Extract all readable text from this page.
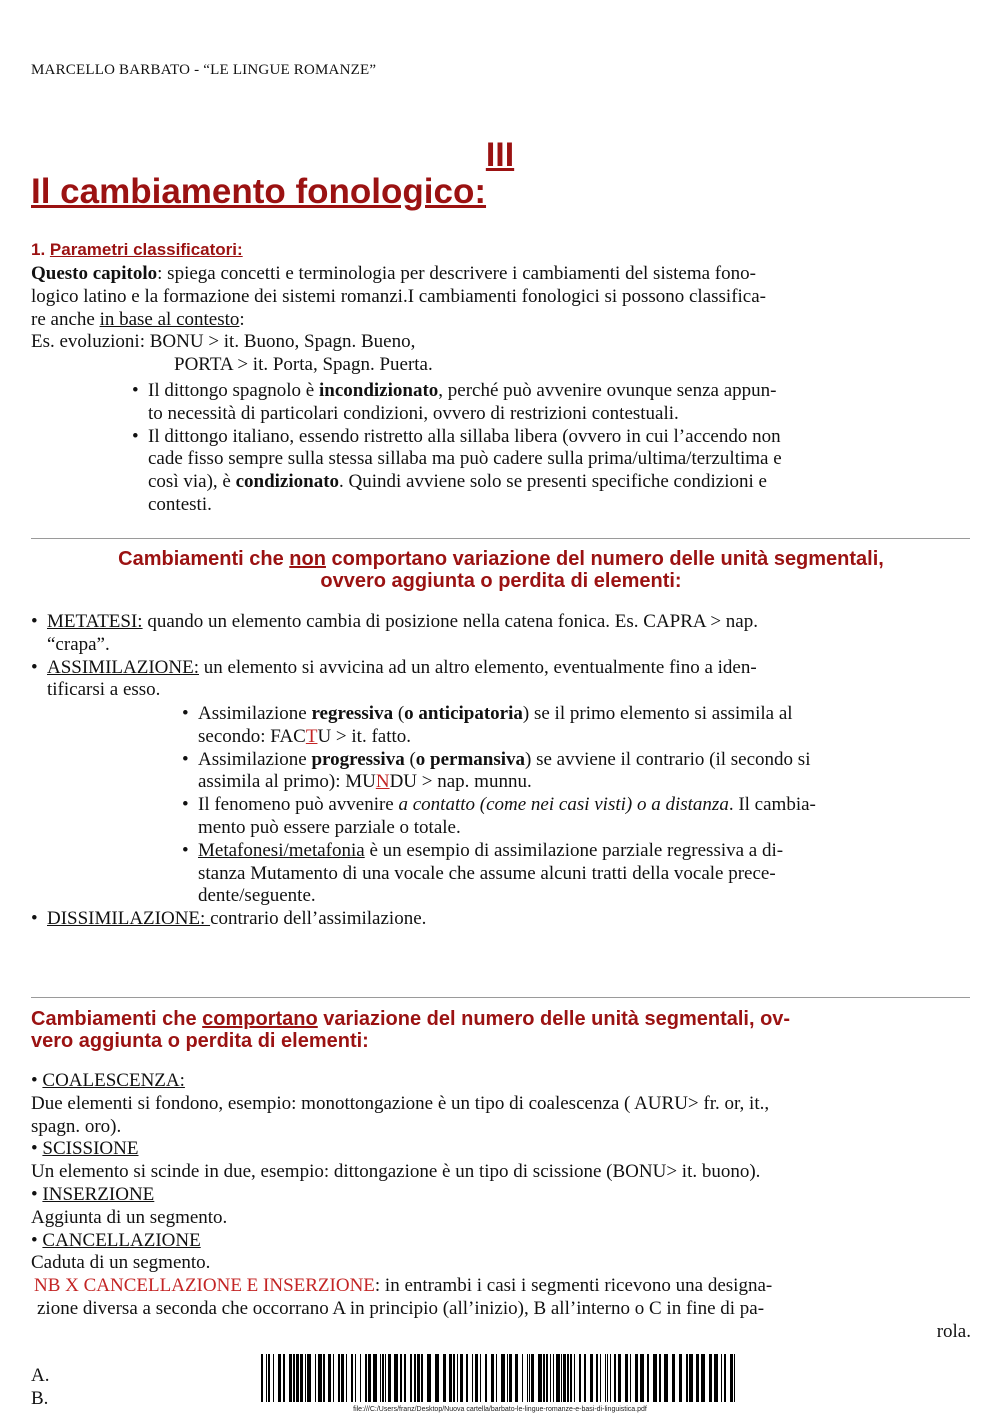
MARCELLO BARBATO - “LE LINGUE ROMANZE”
III
Il cambiamento fonologico:
1. Parametri classificatori:
Questo capitolo: spiega concetti e terminologia per descrivere i cambiamenti del sistema fono-
logico latino e la formazione dei sistemi romanzi.I cambiamenti fonologici si possono classifica-
re anche in base al contesto:
Es. evoluzioni: BONU > it. Buono, Spagn. Bueno,
PORTA > it. Porta, Spagn. Puerta.
• Il dittongo spagnolo è incondizionato, perché può avvenire ovunque senza appun-
to necessità di particolari condizioni, ovvero di restrizioni contestuali.
• Il dittongo italiano, essendo ristretto alla sillaba libera (ovvero in cui l’accendo non
cade fisso sempre sulla stessa sillaba ma può cadere sulla prima/ultima/terzultima e
così via), è condizionato. Quindi avviene solo se presenti specifiche condizioni e
contesti.
Cambiamenti che non comportano variazione del numero delle unità segmentali,
ovvero aggiunta o perdita di elementi:
• METATESI: quando un elemento cambia di posizione nella catena fonica. Es. CAPRA > nap.
“crapa”.
• ASSIMILAZIONE: un elemento si avvicina ad un altro elemento, eventualmente fino a iden-
tificarsi a esso.
• Assimilazione regressiva (o anticipatoria) se il primo elemento si assimila al
secondo: FACTU > it. fatto.
• Assimilazione progressiva (o permansiva) se avviene il contrario (il secondo si
assimila al primo): MUNDU > nap. munnu.
• Il fenomeno può avvenire a contatto (come nei casi visti) o a distanza. Il cambia-
mento può essere parziale o totale.
• Metafonesi/metafonia è un esempio di assimilazione parziale regressiva a di-
stanza Mutamento di una vocale che assume alcuni tratti della vocale prece-
dente/seguente.
• DISSIMILAZIONE: contrario dell’assimilazione.
Cambiamenti che comportano variazione del numero delle unità segmentali, ov-
vero aggiunta o perdita di elementi:
• COALESCENZA:
Due elementi si fondono, esempio: monottongazione è un tipo di coalescenza ( AURU> fr. or, it.,
spagn. oro).
• SCISSIONE
Un elemento si scinde in due, esempio: dittongazione è un tipo di scissione (BONU> it. buono).
• INSERZIONE
Aggiunta di un segmento.
• CANCELLAZIONE
Caduta di un segmento.
NB X CANCELLAZIONE E INSERZIONE: in entrambi i casi i segmenti ricevono una designa-
zione diversa a seconda che occorrano A in principio (all’inizio), B all’interno o C in fine di pa-
rola.
A.
B.
file:///C:/Users/franz/Desktop/Nuova cartella/barbato-le-lingue-romanze-e-basi-di-linguistica.pdf
